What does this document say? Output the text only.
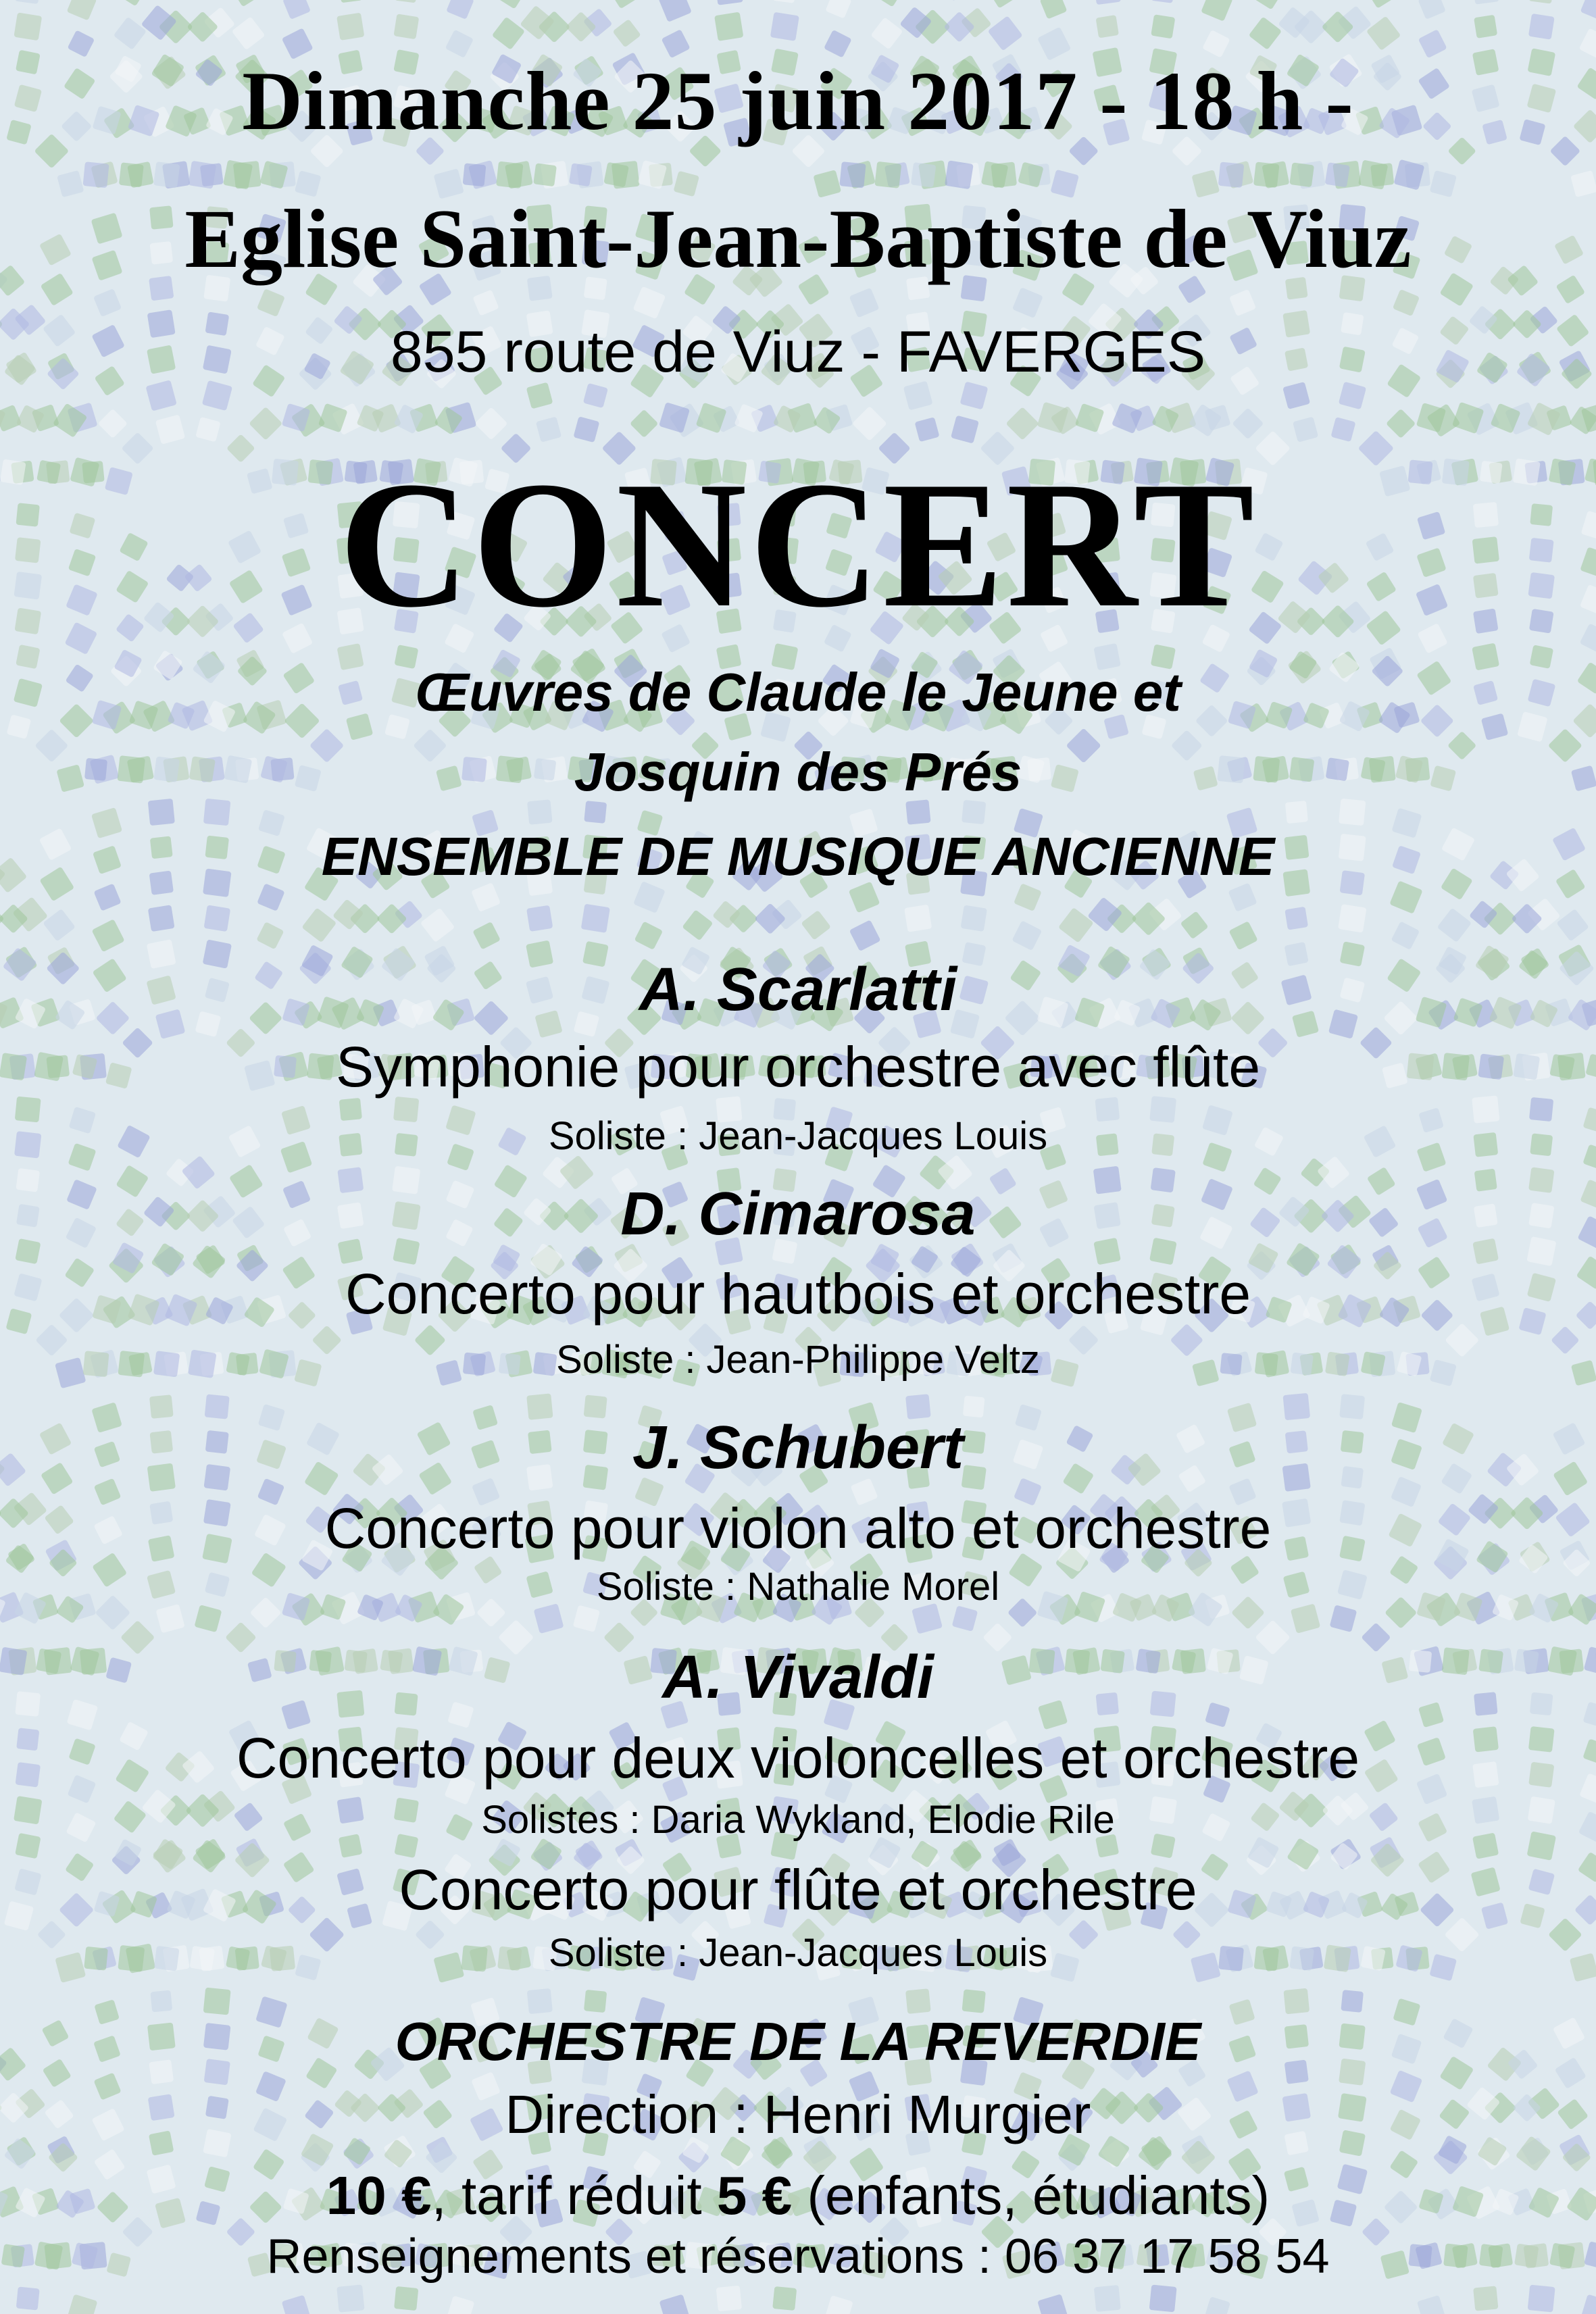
Dimanche 25 juin 2017 - 18 h -
Eglise Saint-Jean-Baptiste de Viuz

855 route de Viuz - FAVERGES

CONCERT

Œuvres de Claude le Jeune et

Josquin des Prés

ENSEMBLE DE MUSIQUE ANCIENNE

A. Scarlatti

Symphonie pour orchestre avec flûte

Soliste : Jean-Jacques Louis

D. Cimarosa

Concerto pour hautbois et orchestre

Soliste : Jean-Philippe Veltz

J. Schubert

Concerto pour violon alto et orchestre

Soliste : Nathalie Morel

A. Vivaldi

Concerto pour deux violoncelles et orchestre

Solistes : Daria Wykland, Elodie Rile

Concerto pour flûte et orchestre

Soliste : Jean-Jacques Louis

ORCHESTRE DE LA REVERDIE

Direction : Henri Murgier

10 €, tarif réduit 5 € (enfants, étudiants)

Renseignements et réservations : 06 37 17 58 54
